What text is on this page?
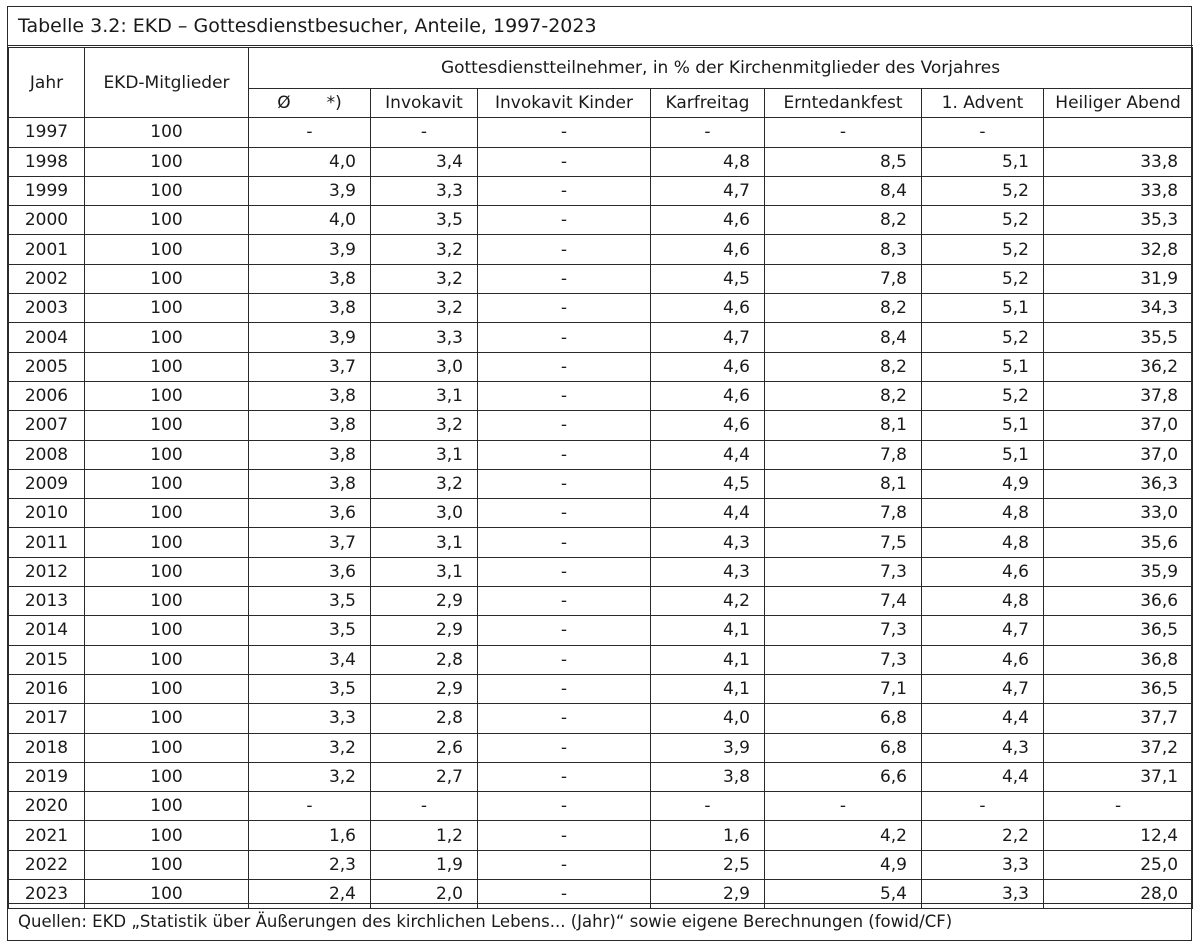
Tabelle 3.2: EKD – Gottesdienstbesucher, Anteile, 1997-2023
Jahr	EKD-Mitglieder	Gottesdienstteilnehmer, in % der Kirchenmitglieder des Vorjahres						
		Ø *)	Invokavit	Invokavit Kinder	Karfreitag	Erntedankfest	1. Advent	Heiliger Abend
1997	100	-	-	-	-	-	-	
1998	100	4,0	3,4	-	4,8	8,5	5,1	33,8
1999	100	3,9	3,3	-	4,7	8,4	5,2	33,8
2000	100	4,0	3,5	-	4,6	8,2	5,2	35,3
2001	100	3,9	3,2	-	4,6	8,3	5,2	32,8
2002	100	3,8	3,2	-	4,5	7,8	5,2	31,9
2003	100	3,8	3,2	-	4,6	8,2	5,1	34,3
2004	100	3,9	3,3	-	4,7	8,4	5,2	35,5
2005	100	3,7	3,0	-	4,6	8,2	5,1	36,2
2006	100	3,8	3,1	-	4,6	8,2	5,2	37,8
2007	100	3,8	3,2	-	4,6	8,1	5,1	37,0
2008	100	3,8	3,1	-	4,4	7,8	5,1	37,0
2009	100	3,8	3,2	-	4,5	8,1	4,9	36,3
2010	100	3,6	3,0	-	4,4	7,8	4,8	33,0
2011	100	3,7	3,1	-	4,3	7,5	4,8	35,6
2012	100	3,6	3,1	-	4,3	7,3	4,6	35,9
2013	100	3,5	2,9	-	4,2	7,4	4,8	36,6
2014	100	3,5	2,9	-	4,1	7,3	4,7	36,5
2015	100	3,4	2,8	-	4,1	7,3	4,6	36,8
2016	100	3,5	2,9	-	4,1	7,1	4,7	36,5
2017	100	3,3	2,8	-	4,0	6,8	4,4	37,7
2018	100	3,2	2,6	-	3,9	6,8	4,3	37,2
2019	100	3,2	2,7	-	3,8	6,6	4,4	37,1
2020	100	-	-	-	-	-	-	-
2021	100	1,6	1,2	-	1,6	4,2	2,2	12,4
2022	100	2,3	1,9	-	2,5	4,9	3,3	25,0
2023	100	2,4	2,0	-	2,9	5,4	3,3	28,0
Quellen: EKD „Statistik über Äußerungen des kirchlichen Lebens... (Jahr)“ sowie eigene Berechnungen (fowid/CF)
